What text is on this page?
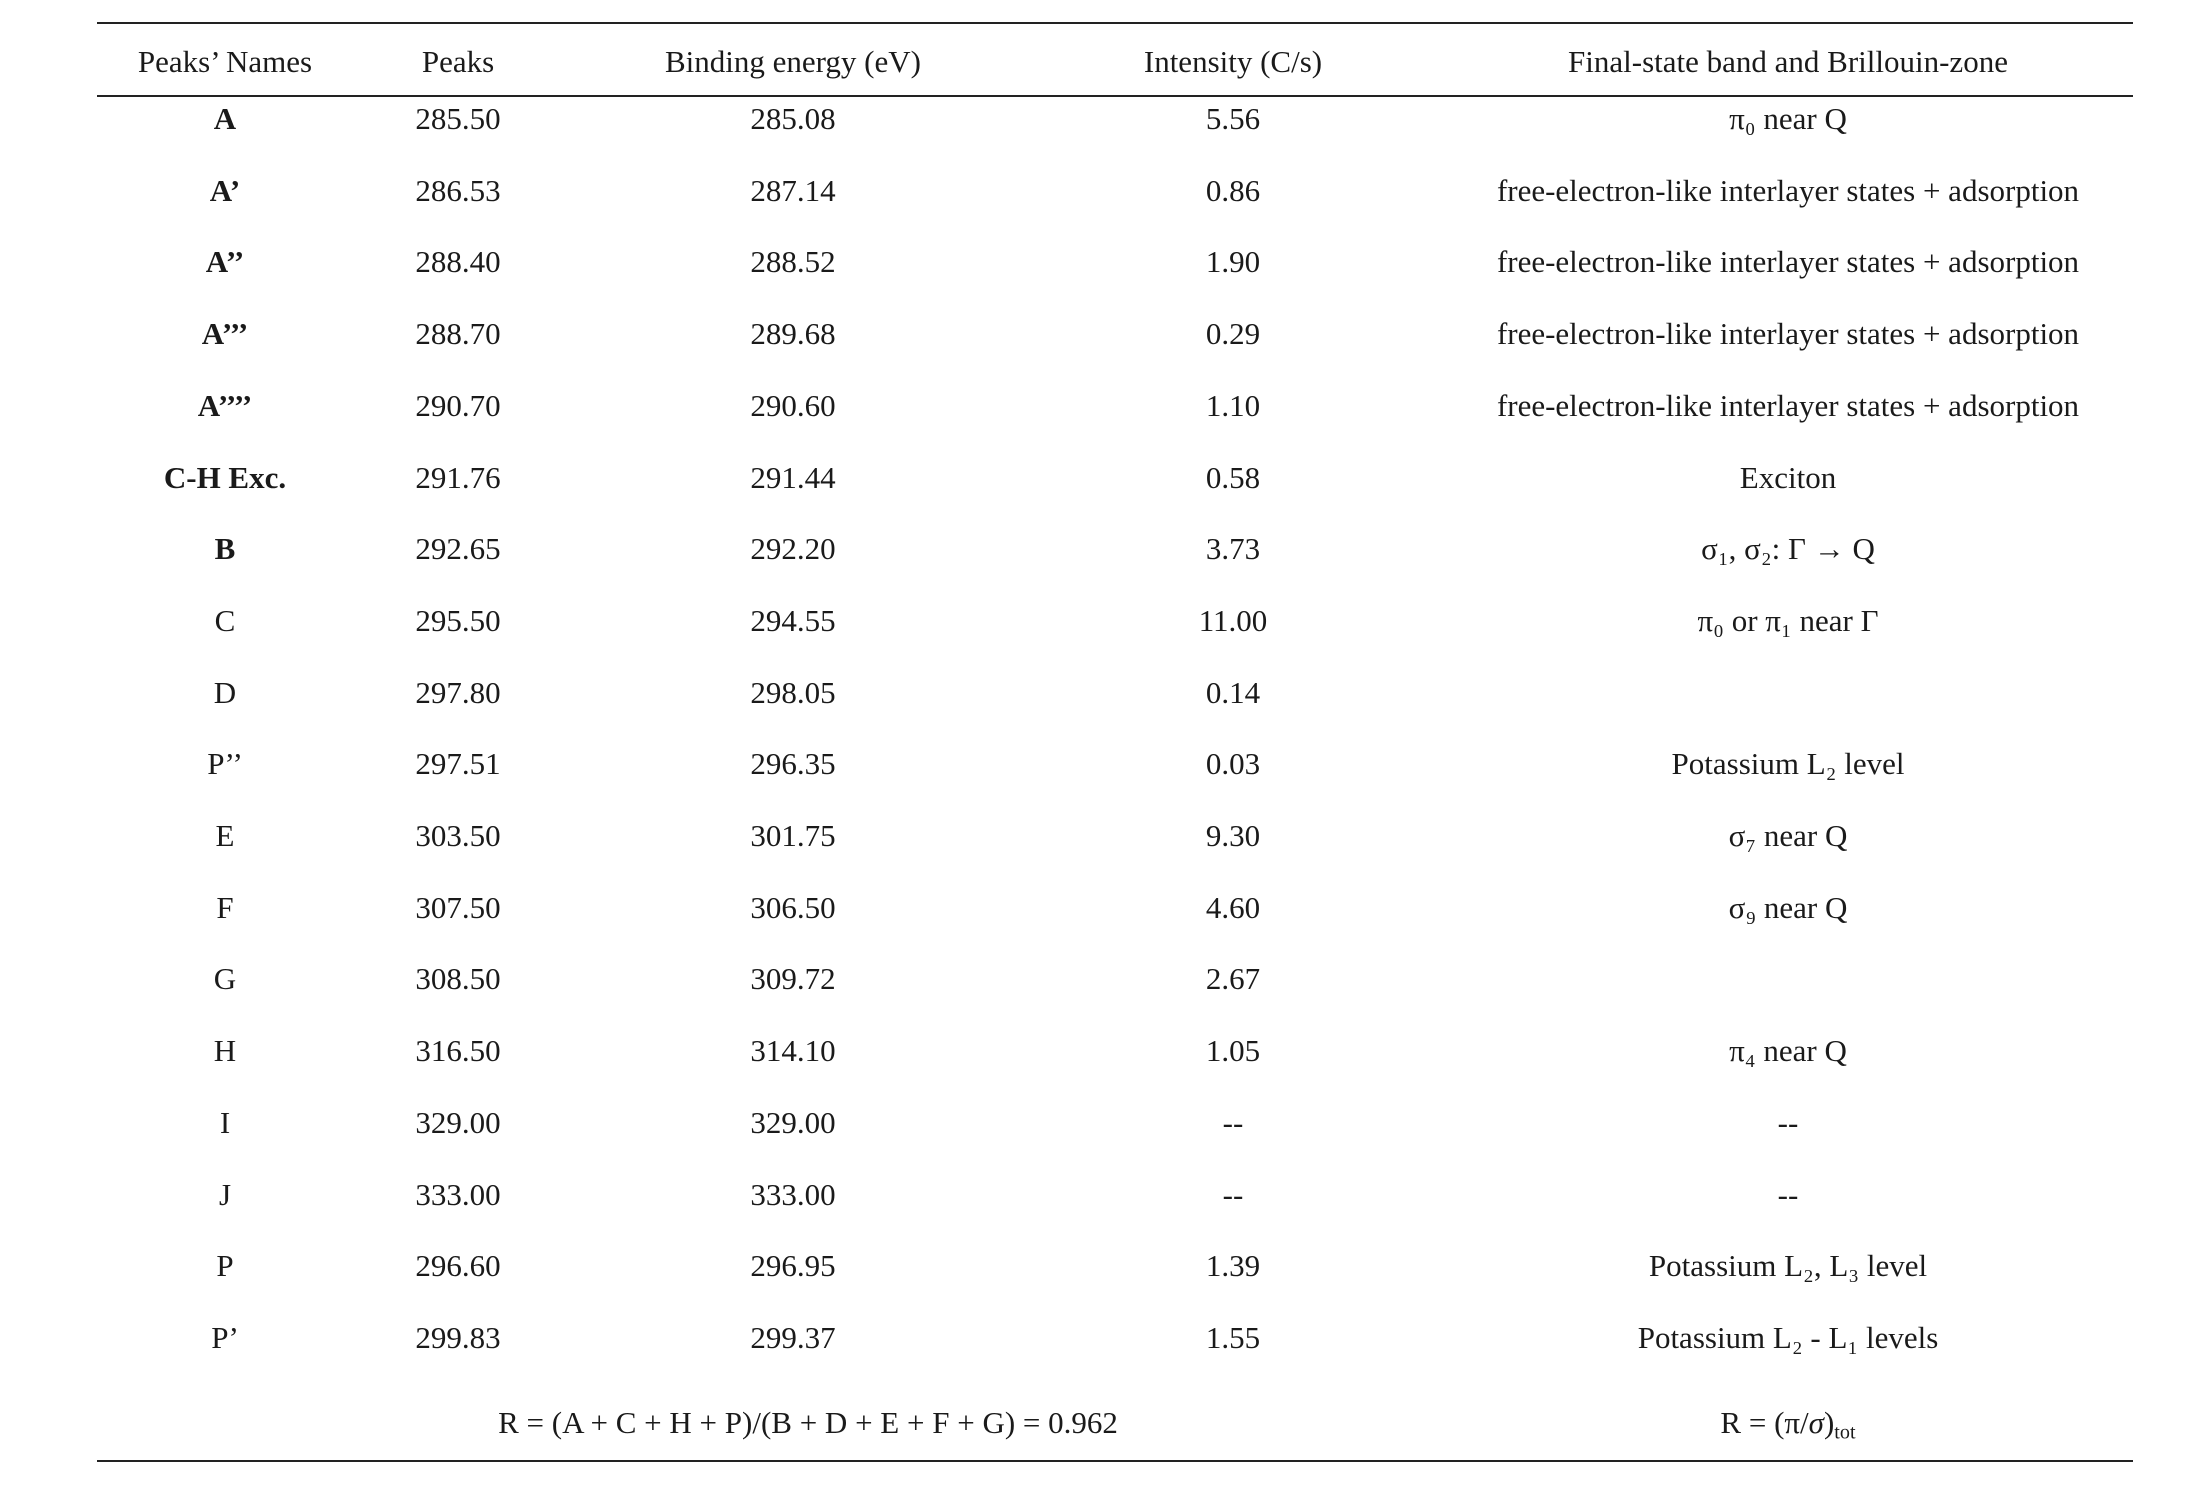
Peaks’ Names	Peaks	Binding energy (eV)	Intensity (C/s)	Final-state band and Brillouin-zone
A	285.50	285.08	5.56	π₀ near Q
A’	286.53	287.14	0.86	free-electron-like interlayer states + adsorption
A’’	288.40	288.52	1.90	free-electron-like interlayer states + adsorption
A’’’	288.70	289.68	0.29	free-electron-like interlayer states + adsorption
A’’’’	290.70	290.60	1.10	free-electron-like interlayer states + adsorption
C-H Exc.	291.76	291.44	0.58	Exciton
B	292.65	292.20	3.73	σ₁, σ₂: Γ → Q
C	295.50	294.55	11.00	π₀ or π₁ near Γ
D	297.80	298.05	0.14
P’’	297.51	296.35	0.03	Potassium L₂ level
E	303.50	301.75	9.30	σ₇ near Q
F	307.50	306.50	4.60	σ₉ near Q
G	308.50	309.72	2.67
H	316.50	314.10	1.05	π₄ near Q
I	329.00	329.00	--	--
J	333.00	333.00	--	--
P	296.60	296.95	1.39	Potassium L₂, L₃ level
P’	299.83	299.37	1.55	Potassium L₂ - L₁ levels
R = (A + C + H + P)/(B + D + E + F + G) = 0.962	$R = (\pi/\sigma)_{tot}$
